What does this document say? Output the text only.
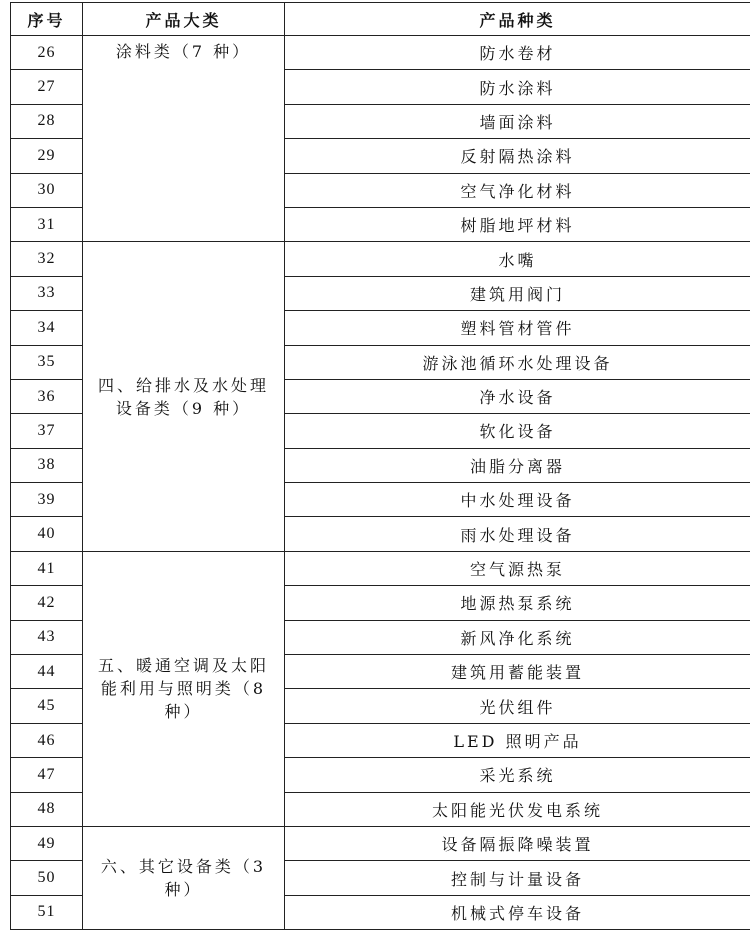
序号	产品大类	产品种类
26	涂料类（7 种）	防水卷材
27		防水涂料
28		墙面涂料
29		反射隔热涂料
30		空气净化材料
31		树脂地坪材料
32	四、给排水及水处理设备类（9 种）	水嘴
33		建筑用阀门
34		塑料管材管件
35		游泳池循环水处理设备
36		净水设备
37		软化设备
38		油脂分离器
39		中水处理设备
40		雨水处理设备
41	五、暖通空调及太阳能利用与照明类（8 种）	空气源热泵
42		地源热泵系统
43		新风净化系统
44		建筑用蓄能装置
45		光伏组件
46		LED 照明产品
47		采光系统
48		太阳能光伏发电系统
49	六、其它设备类（3 种）	设备隔振降噪装置
50		控制与计量设备
51		机械式停车设备
